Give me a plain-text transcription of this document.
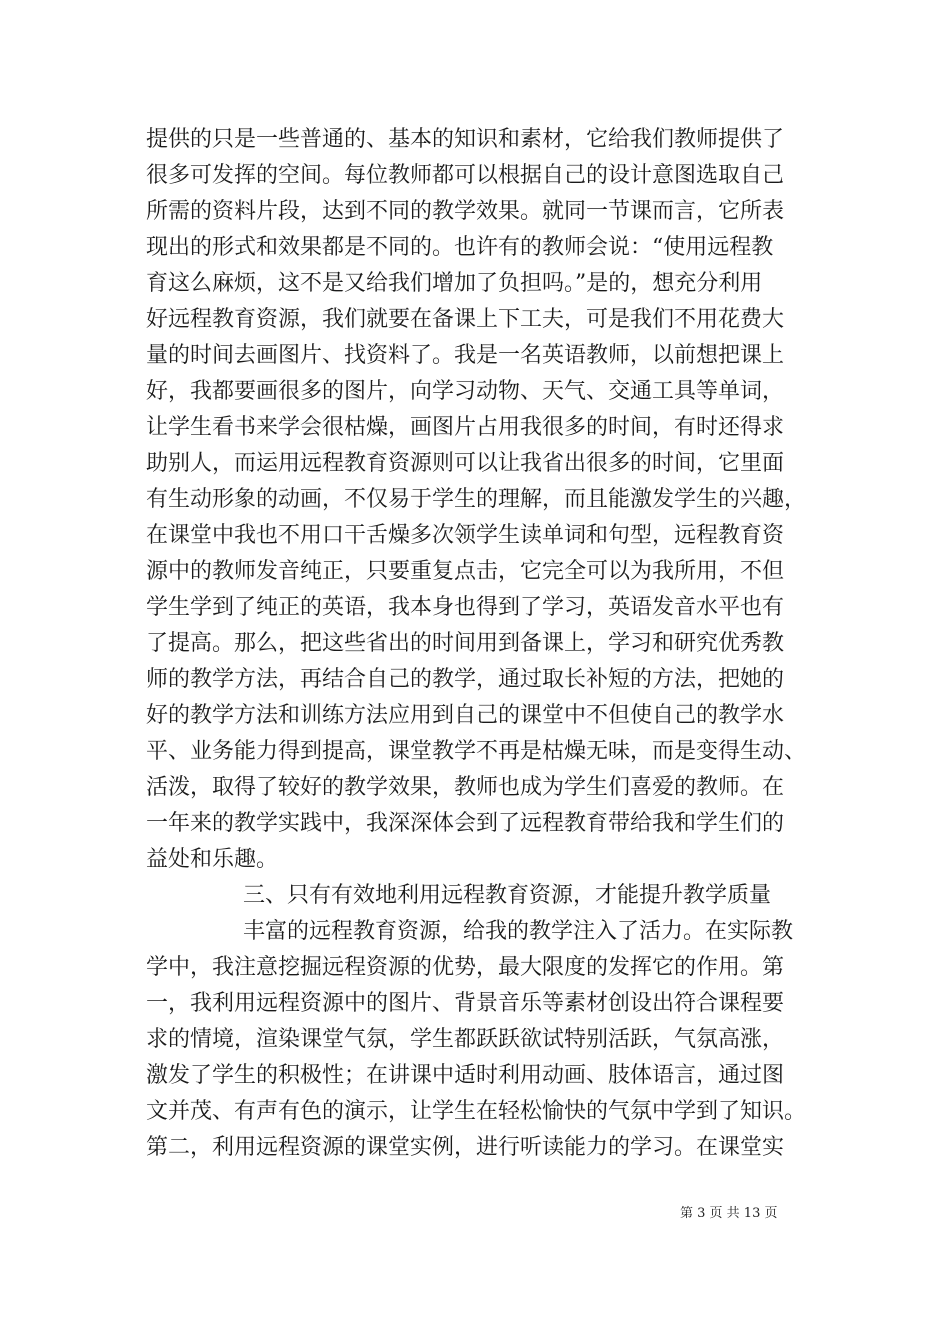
提供的只是一些普通的、基本的知识和素材，它给我们教师提供了
很多可发挥的空间。每位教师都可以根据自己的设计意图选取自己
所需的资料片段，达到不同的教学效果。就同一节课而言，它所表
现出的形式和效果都是不同的。也许有的教师会说：“使用远程教
育这么麻烦，这不是又给我们增加了负担吗。”是的，想充分利用
好远程教育资源，我们就要在备课上下工夫，可是我们不用花费大
量的时间去画图片、找资料了。我是一名英语教师，以前想把课上
好，我都要画很多的图片，向学习动物、天气、交通工具等单词，
让学生看书来学会很枯燥，画图片占用我很多的时间，有时还得求
助别人，而运用远程教育资源则可以让我省出很多的时间，它里面
有生动形象的动画，不仅易于学生的理解，而且能激发学生的兴趣，
在课堂中我也不用口干舌燥多次领学生读单词和句型，远程教育资
源中的教师发音纯正，只要重复点击，它完全可以为我所用，不但
学生学到了纯正的英语，我本身也得到了学习，英语发音水平也有
了提高。那么，把这些省出的时间用到备课上，学习和研究优秀教
师的教学方法，再结合自己的教学，通过取长补短的方法，把她的
好的教学方法和训练方法应用到自己的课堂中不但使自己的教学水
平、业务能力得到提高，课堂教学不再是枯燥无味，而是变得生动、
活泼，取得了较好的教学效果，教师也成为学生们喜爱的教师。在
一年来的教学实践中，我深深体会到了远程教育带给我和学生们的
益处和乐趣。
三、只有有效地利用远程教育资源，才能提升教学质量
丰富的远程教育资源，给我的教学注入了活力。在实际教
学中，我注意挖掘远程资源的优势，最大限度的发挥它的作用。第
一，我利用远程资源中的图片、背景音乐等素材创设出符合课程要
求的情境，渲染课堂气氛，学生都跃跃欲试特别活跃，气氛高涨，
激发了学生的积极性；在讲课中适时利用动画、肢体语言，通过图
文并茂、有声有色的演示，让学生在轻松愉快的气氛中学到了知识。
第二，利用远程资源的课堂实例，进行听读能力的学习。在课堂实
第 3 页 共 13 页
